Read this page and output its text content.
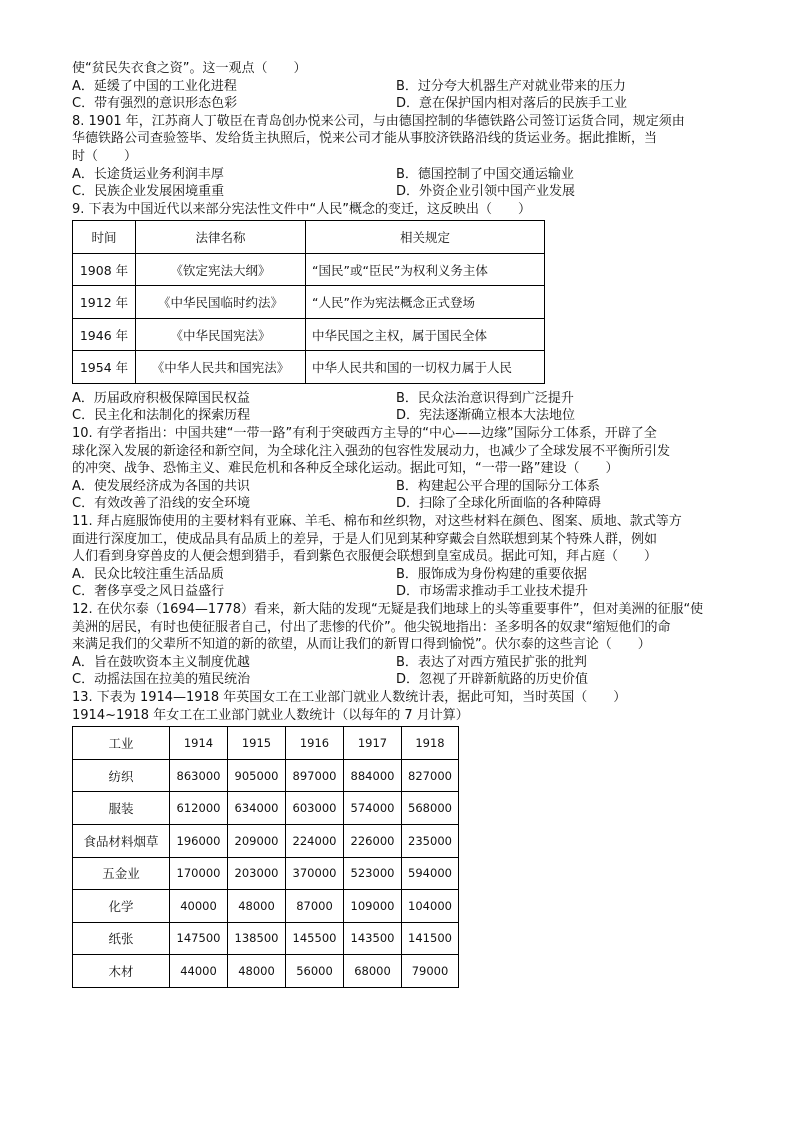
使“贫民失衣食之资”。这一观点（　　）
A．延缓了中国的工业化进程	B．过分夸大机器生产对就业带来的压力
C．带有强烈的意识形态色彩	D．意在保护国内相对落后的民族手工业
8. 1901 年，江苏商人丁敬臣在青岛创办悦来公司，与由德国控制的华德铁路公司签订运货合同，规定须由
华德铁路公司查验签毕、发给货主执照后，悦来公司才能从事胶济铁路沿线的货运业务。据此推断，当
时（　　）
A．长途货运业务利润丰厚	B．德国控制了中国交通运输业
C．民族企业发展困境重重	D．外资企业引领中国产业发展
9. 下表为中国近代以来部分宪法性文件中“人民”概念的变迁，这反映出（　　）
时间	法律名称	相关规定
1908 年	《钦定宪法大纲》	“国民”或“臣民”为权利义务主体
1912 年	《中华民国临时约法》	“人民”作为宪法概念正式登场
1946 年	《中华民国宪法》	中华民国之主权，属于国民全体
1954 年	《中华人民共和国宪法》	中华人民共和国的一切权力属于人民
A．历届政府积极保障国民权益	B．民众法治意识得到广泛提升
C．民主化和法制化的探索历程	D．宪法逐渐确立根本大法地位
10. 有学者指出：中国共建“一带一路”有利于突破西方主导的“中心——边缘”国际分工体系，开辟了全
球化深入发展的新途径和新空间，为全球化注入强劲的包容性发展动力，也减少了全球发展不平衡所引发
的冲突、战争、恐怖主义、难民危机和各种反全球化运动。据此可知，“一带一路”建设（　　）
A．使发展经济成为各国的共识	B．构建起公平合理的国际分工体系
C．有效改善了沿线的安全环境	D．扫除了全球化所面临的各种障碍
11. 拜占庭服饰使用的主要材料有亚麻、羊毛、棉布和丝织物，对这些材料在颜色、图案、质地、款式等方
面进行深度加工，使成品具有品质上的差异，于是人们见到某种穿戴会自然联想到某个特殊人群，例如
人们看到身穿兽皮的人便会想到猎手，看到紫色衣服便会联想到皇室成员。据此可知，拜占庭（　　）
A．民众比较注重生活品质	B．服饰成为身份构建的重要依据
C．奢侈享受之风日益盛行	D．市场需求推动手工业技术提升
12. 在伏尔泰（1694—1778）看来，新大陆的发现“无疑是我们地球上的头等重要事件”，但对美洲的征服“使
美洲的居民，有时也使征服者自己，付出了悲惨的代价”。他尖锐地指出：圣多明各的奴隶“缩短他们的命
来满足我们的父辈所不知道的新的欲望，从而让我们的新胃口得到愉悦”。伏尔泰的这些言论（　　）
A．旨在鼓吹资本主义制度优越	B．表达了对西方殖民扩张的批判
C．动摇法国在拉美的殖民统治	D．忽视了开辟新航路的历史价值
13. 下表为 1914—1918 年英国女工在工业部门就业人数统计表，据此可知，当时英国（　　）
1914~1918 年女工在工业部门就业人数统计（以每年的 7 月计算）
工业	1914	1915	1916	1917	1918
纺织	863000	905000	897000	884000	827000
服装	612000	634000	603000	574000	568000
食品材料烟草	196000	209000	224000	226000	235000
五金业	170000	203000	370000	523000	594000
化学	40000	48000	87000	109000	104000
纸张	147500	138500	145500	143500	141500
木材	44000	48000	56000	68000	79000
